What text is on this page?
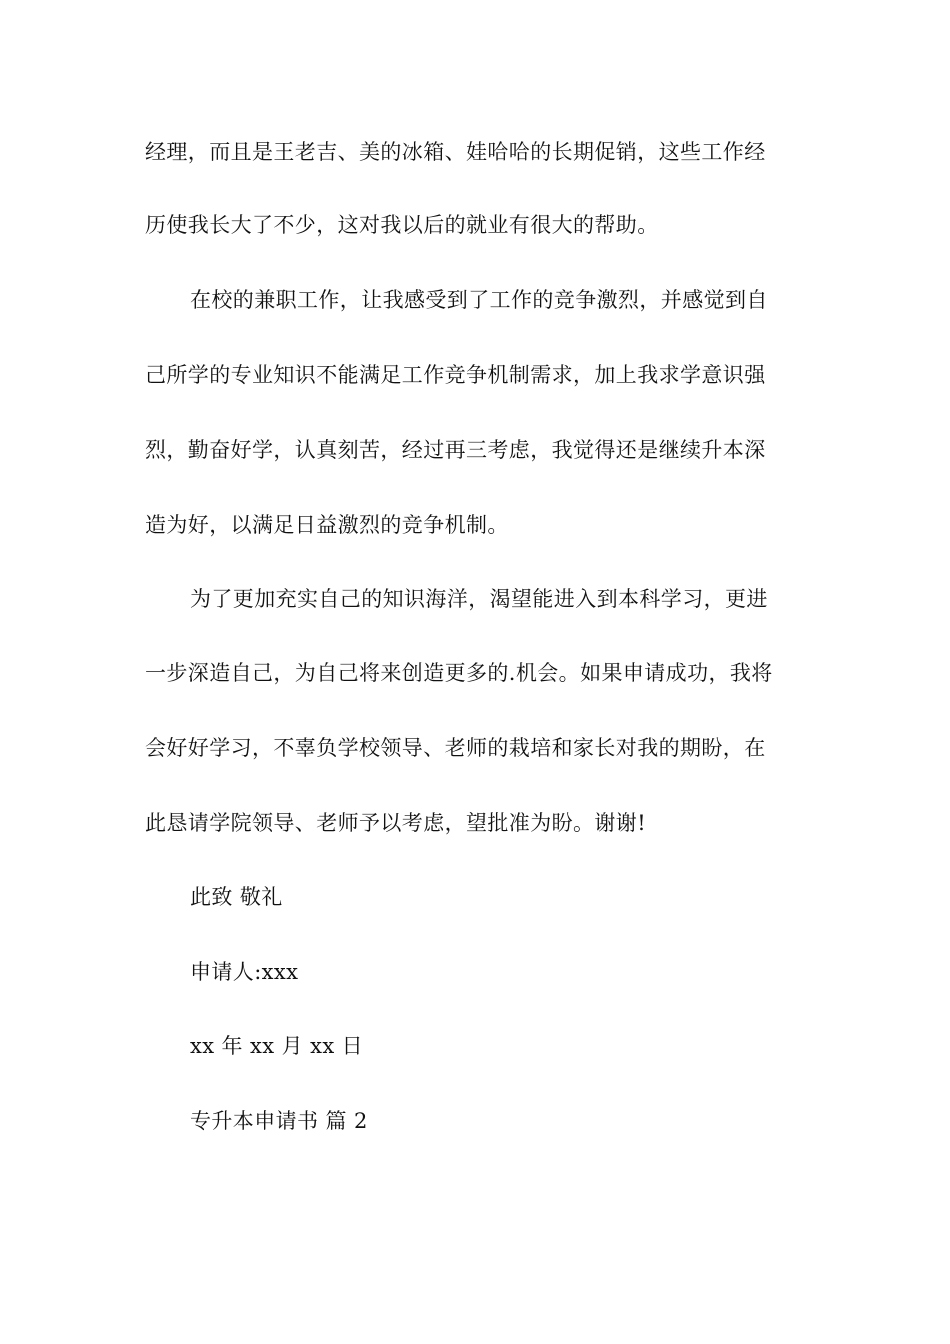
经理，而且是王老吉、美的冰箱、娃哈哈的长期促销，这些工作经
历使我长大了不少，这对我以后的就业有很大的帮助。
在校的兼职工作，让我感受到了工作的竞争激烈，并感觉到自
己所学的专业知识不能满足工作竞争机制需求，加上我求学意识强
烈，勤奋好学，认真刻苦，经过再三考虑，我觉得还是继续升本深
造为好，以满足日益激烈的竞争机制。
为了更加充实自己的知识海洋，渴望能进入到本科学习，更进
一步深造自己，为自己将来创造更多的.机会。如果申请成功，我将
会好好学习，不辜负学校领导、老师的栽培和家长对我的期盼，在
此恳请学院领导、老师予以考虑，望批准为盼。谢谢!
此致 敬礼
申请人:xxx
xx 年 xx 月 xx 日
专升本申请书 篇 2
